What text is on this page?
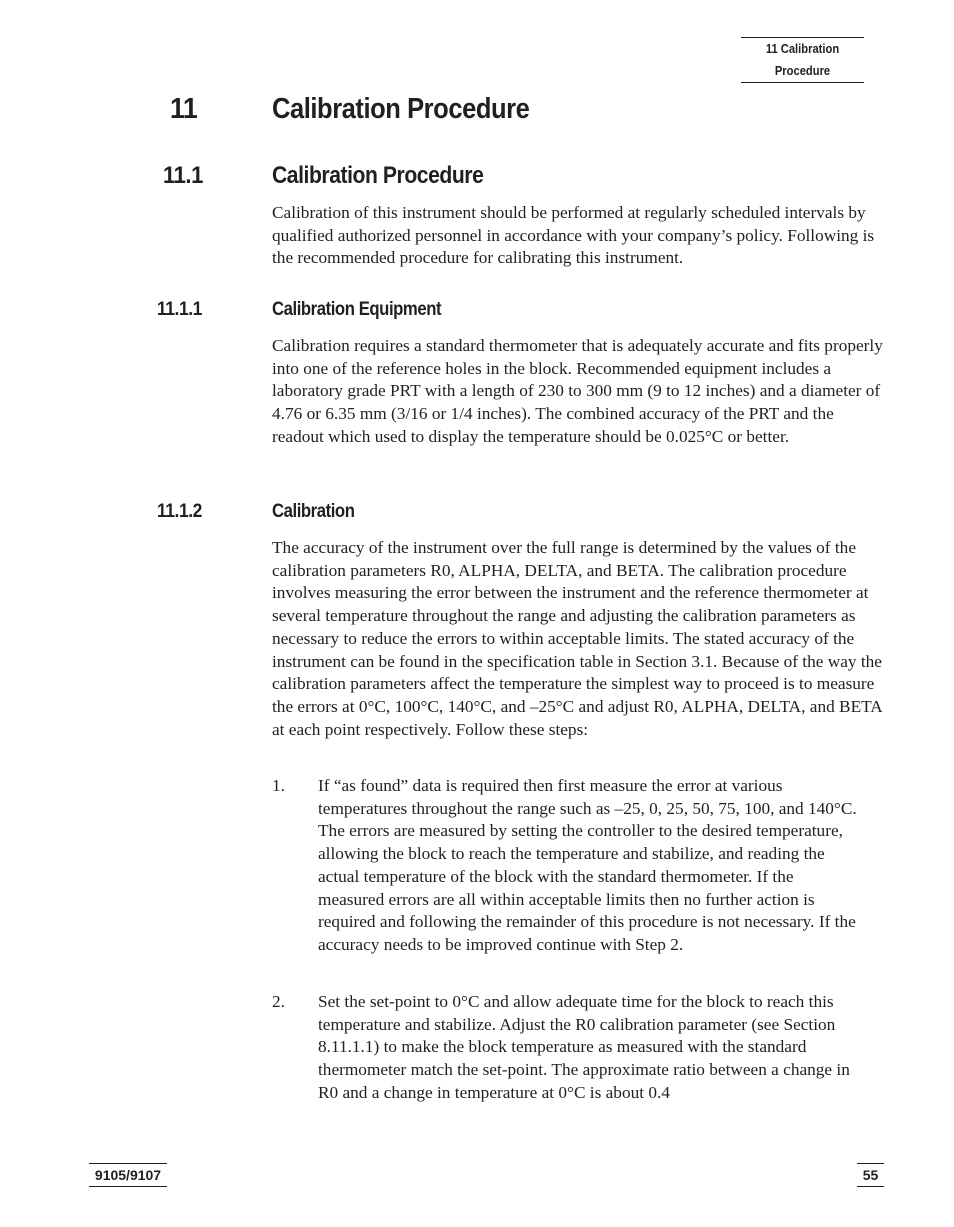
11 Calibration Procedure
11	Calibration Procedure
11.1	Calibration Procedure

Calibration of this instrument should be performed at regularly scheduled intervals by qualified authorized personnel in accordance with your company’s policy. Following is the recommended procedure for calibrating this instrument.

11.1.1	Calibration Equipment

Calibration requires a standard thermometer that is adequately accurate and fits properly into one of the reference holes in the block. Recommended equipment includes a laboratory grade PRT with a length of 230 to 300 mm (9 to 12 inches) and a diameter of 4.76 or 6.35 mm (3/16 or 1/4 inches). The combined accuracy of the PRT and the readout which used to display the temperature should be 0.025°C or better.

11.1.2	Calibration

The accuracy of the instrument over the full range is determined by the values of the calibration parameters R0, ALPHA, DELTA, and BETA. The calibration procedure involves measuring the error between the instrument and the reference thermometer at several temperature throughout the range and adjusting the calibration parameters as necessary to reduce the errors to within acceptable limits. The stated accuracy of the instrument can be found in the specification table in Section 3.1. Because of the way the calibration parameters affect the temperature the simplest way to proceed is to measure the errors at 0°C, 100°C, 140°C, and –25°C and adjust R0, ALPHA, DELTA, and BETA at each point respectively. Follow these steps:

1. If “as found” data is required then first measure the error at various temperatures throughout the range such as –25, 0, 25, 50, 75, 100, and 140°C. The errors are measured by setting the controller to the desired temperature, allowing the block to reach the temperature and stabilize, and reading the actual temperature of the block with the standard thermometer. If the measured errors are all within acceptable limits then no further action is required and following the remainder of this procedure is not necessary. If the accuracy needs to be improved continue with Step 2.

2. Set the set-point to 0°C and allow adequate time for the block to reach this temperature and stabilize. Adjust the R0 calibration parameter (see Section 8.11.1.1) to make the block temperature as measured with the standard thermometer match the set-point. The approximate ratio between a change in R0 and a change in temperature at 0°C is about 0.4

9105/9107	55
